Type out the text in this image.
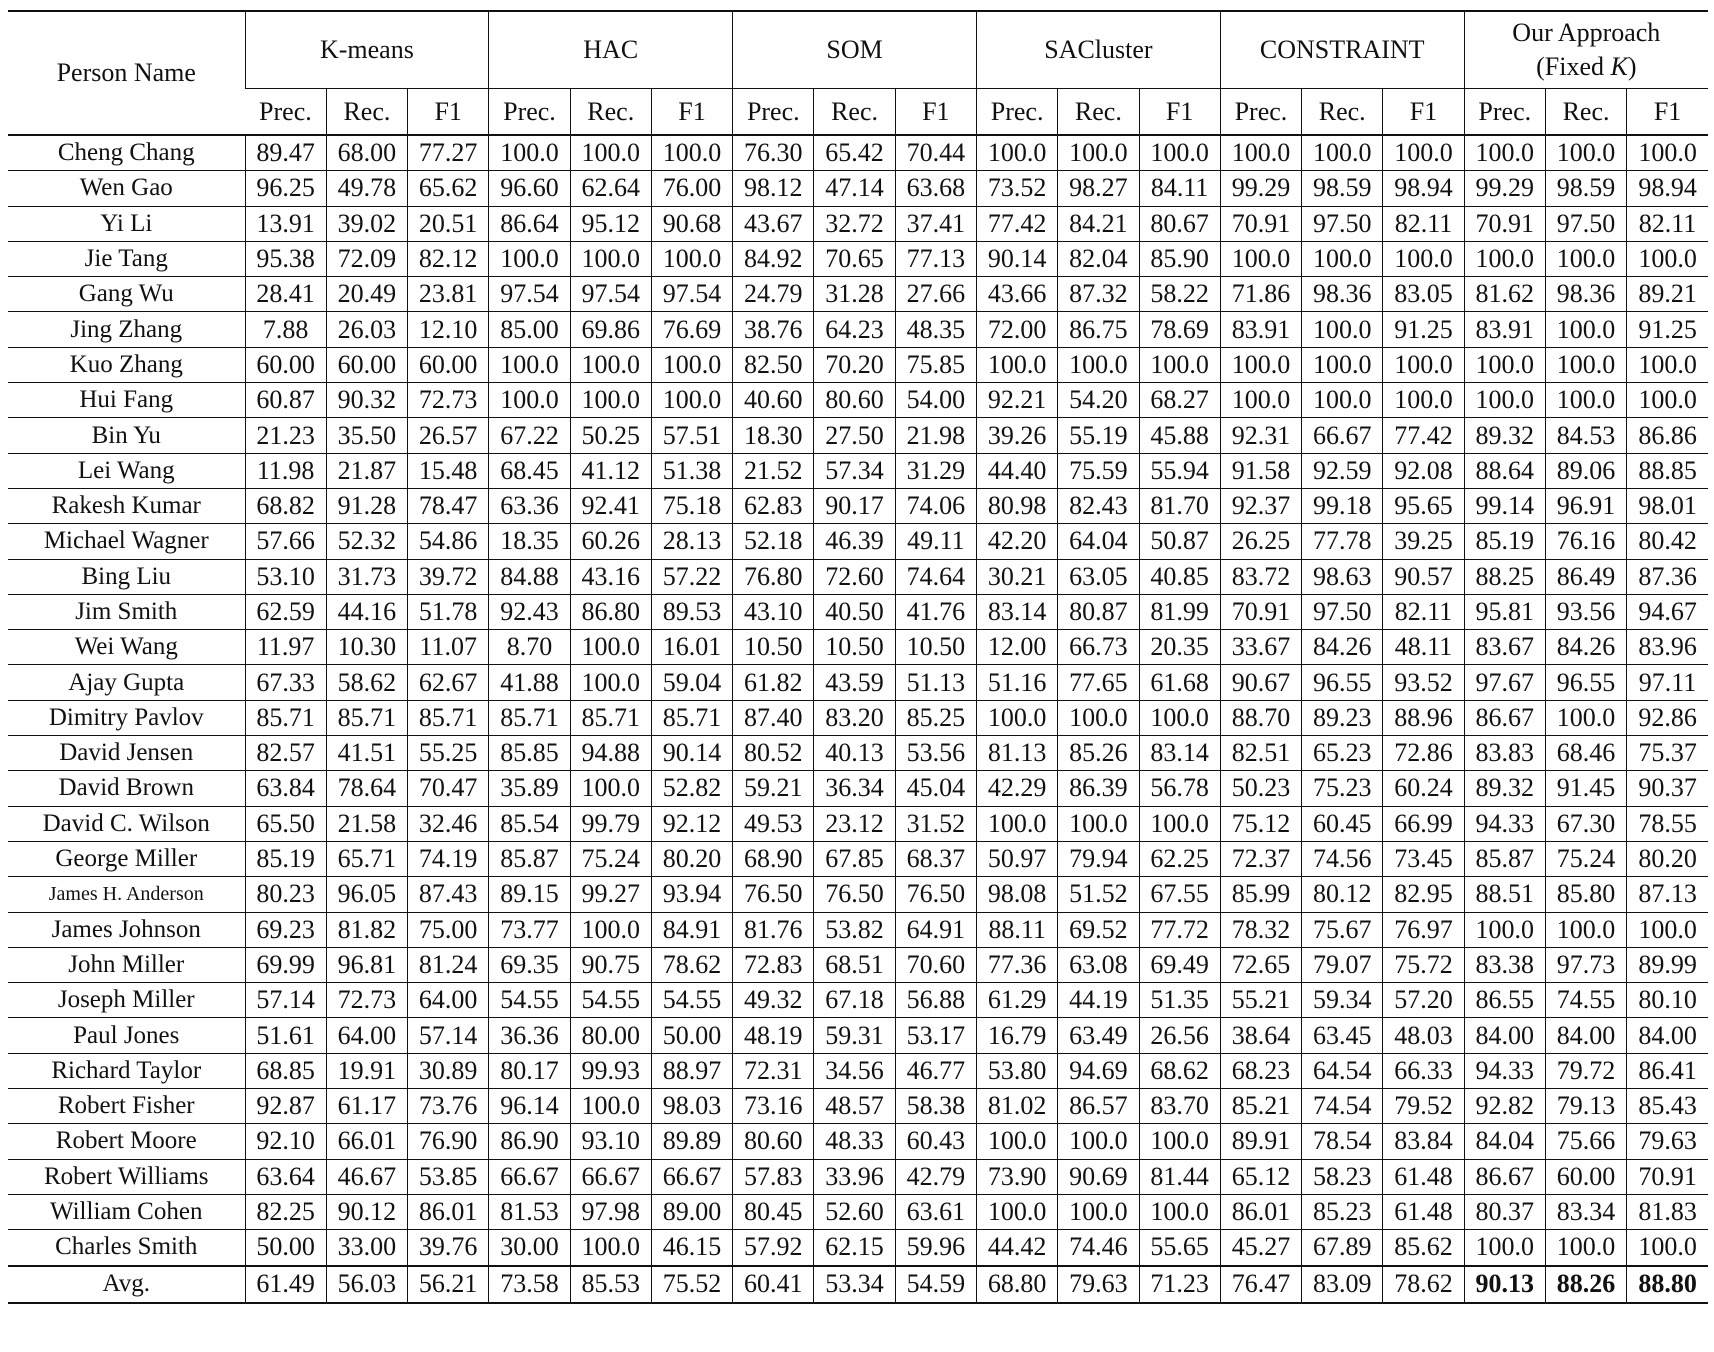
Person Name	K-means			HAC			SOM			SACluster			CONSTRAINT			Our Approach
(Fixed K)		
	Prec.	Rec.	F1	Prec.	Rec.	F1	Prec.	Rec.	F1	Prec.	Rec.	F1	Prec.	Rec.	F1	Prec.	Rec.	F1
Cheng Chang	89.47	68.00	77.27	100.0	100.0	100.0	76.30	65.42	70.44	100.0	100.0	100.0	100.0	100.0	100.0	100.0	100.0	100.0
Wen Gao	96.25	49.78	65.62	96.60	62.64	76.00	98.12	47.14	63.68	73.52	98.27	84.11	99.29	98.59	98.94	99.29	98.59	98.94
Yi Li	13.91	39.02	20.51	86.64	95.12	90.68	43.67	32.72	37.41	77.42	84.21	80.67	70.91	97.50	82.11	70.91	97.50	82.11
Jie Tang	95.38	72.09	82.12	100.0	100.0	100.0	84.92	70.65	77.13	90.14	82.04	85.90	100.0	100.0	100.0	100.0	100.0	100.0
Gang Wu	28.41	20.49	23.81	97.54	97.54	97.54	24.79	31.28	27.66	43.66	87.32	58.22	71.86	98.36	83.05	81.62	98.36	89.21
Jing Zhang	7.88	26.03	12.10	85.00	69.86	76.69	38.76	64.23	48.35	72.00	86.75	78.69	83.91	100.0	91.25	83.91	100.0	91.25
Kuo Zhang	60.00	60.00	60.00	100.0	100.0	100.0	82.50	70.20	75.85	100.0	100.0	100.0	100.0	100.0	100.0	100.0	100.0	100.0
Hui Fang	60.87	90.32	72.73	100.0	100.0	100.0	40.60	80.60	54.00	92.21	54.20	68.27	100.0	100.0	100.0	100.0	100.0	100.0
Bin Yu	21.23	35.50	26.57	67.22	50.25	57.51	18.30	27.50	21.98	39.26	55.19	45.88	92.31	66.67	77.42	89.32	84.53	86.86
Lei Wang	11.98	21.87	15.48	68.45	41.12	51.38	21.52	57.34	31.29	44.40	75.59	55.94	91.58	92.59	92.08	88.64	89.06	88.85
Rakesh Kumar	68.82	91.28	78.47	63.36	92.41	75.18	62.83	90.17	74.06	80.98	82.43	81.70	92.37	99.18	95.65	99.14	96.91	98.01
Michael Wagner	57.66	52.32	54.86	18.35	60.26	28.13	52.18	46.39	49.11	42.20	64.04	50.87	26.25	77.78	39.25	85.19	76.16	80.42
Bing Liu	53.10	31.73	39.72	84.88	43.16	57.22	76.80	72.60	74.64	30.21	63.05	40.85	83.72	98.63	90.57	88.25	86.49	87.36
Jim Smith	62.59	44.16	51.78	92.43	86.80	89.53	43.10	40.50	41.76	83.14	80.87	81.99	70.91	97.50	82.11	95.81	93.56	94.67
Wei Wang	11.97	10.30	11.07	8.70	100.0	16.01	10.50	10.50	10.50	12.00	66.73	20.35	33.67	84.26	48.11	83.67	84.26	83.96
Ajay Gupta	67.33	58.62	62.67	41.88	100.0	59.04	61.82	43.59	51.13	51.16	77.65	61.68	90.67	96.55	93.52	97.67	96.55	97.11
Dimitry Pavlov	85.71	85.71	85.71	85.71	85.71	85.71	87.40	83.20	85.25	100.0	100.0	100.0	88.70	89.23	88.96	86.67	100.0	92.86
David Jensen	82.57	41.51	55.25	85.85	94.88	90.14	80.52	40.13	53.56	81.13	85.26	83.14	82.51	65.23	72.86	83.83	68.46	75.37
David Brown	63.84	78.64	70.47	35.89	100.0	52.82	59.21	36.34	45.04	42.29	86.39	56.78	50.23	75.23	60.24	89.32	91.45	90.37
David C. Wilson	65.50	21.58	32.46	85.54	99.79	92.12	49.53	23.12	31.52	100.0	100.0	100.0	75.12	60.45	66.99	94.33	67.30	78.55
George Miller	85.19	65.71	74.19	85.87	75.24	80.20	68.90	67.85	68.37	50.97	79.94	62.25	72.37	74.56	73.45	85.87	75.24	80.20
James H. Anderson	80.23	96.05	87.43	89.15	99.27	93.94	76.50	76.50	76.50	98.08	51.52	67.55	85.99	80.12	82.95	88.51	85.80	87.13
James Johnson	69.23	81.82	75.00	73.77	100.0	84.91	81.76	53.82	64.91	88.11	69.52	77.72	78.32	75.67	76.97	100.0	100.0	100.0
John Miller	69.99	96.81	81.24	69.35	90.75	78.62	72.83	68.51	70.60	77.36	63.08	69.49	72.65	79.07	75.72	83.38	97.73	89.99
Joseph Miller	57.14	72.73	64.00	54.55	54.55	54.55	49.32	67.18	56.88	61.29	44.19	51.35	55.21	59.34	57.20	86.55	74.55	80.10
Paul Jones	51.61	64.00	57.14	36.36	80.00	50.00	48.19	59.31	53.17	16.79	63.49	26.56	38.64	63.45	48.03	84.00	84.00	84.00
Richard Taylor	68.85	19.91	30.89	80.17	99.93	88.97	72.31	34.56	46.77	53.80	94.69	68.62	68.23	64.54	66.33	94.33	79.72	86.41
Robert Fisher	92.87	61.17	73.76	96.14	100.0	98.03	73.16	48.57	58.38	81.02	86.57	83.70	85.21	74.54	79.52	92.82	79.13	85.43
Robert Moore	92.10	66.01	76.90	86.90	93.10	89.89	80.60	48.33	60.43	100.0	100.0	100.0	89.91	78.54	83.84	84.04	75.66	79.63
Robert Williams	63.64	46.67	53.85	66.67	66.67	66.67	57.83	33.96	42.79	73.90	90.69	81.44	65.12	58.23	61.48	86.67	60.00	70.91
William Cohen	82.25	90.12	86.01	81.53	97.98	89.00	80.45	52.60	63.61	100.0	100.0	100.0	86.01	85.23	61.48	80.37	83.34	81.83
Charles Smith	50.00	33.00	39.76	30.00	100.0	46.15	57.92	62.15	59.96	44.42	74.46	55.65	45.27	67.89	85.62	100.0	100.0	100.0
Avg.	61.49	56.03	56.21	73.58	85.53	75.52	60.41	53.34	54.59	68.80	79.63	71.23	76.47	83.09	78.62	90.13	88.26	88.80
